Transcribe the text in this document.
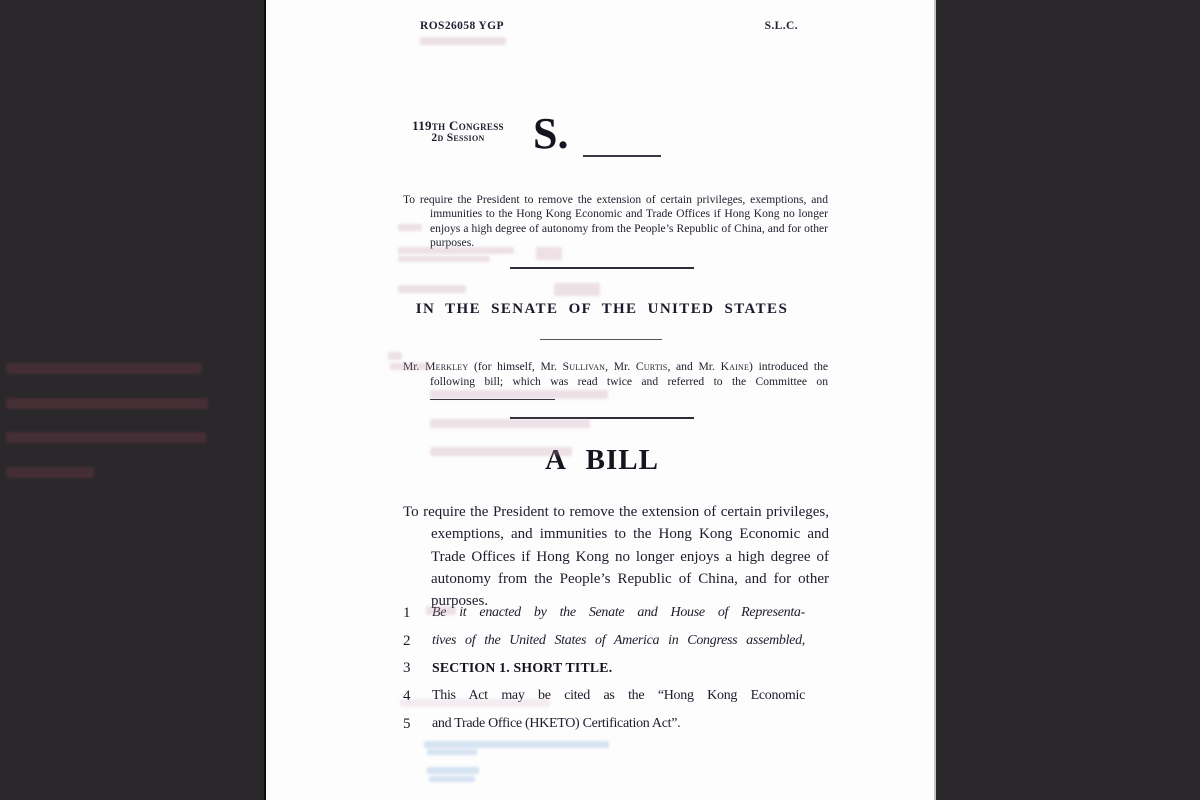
ROS26058 YGP	S.L.C.
119th Congress
2d Session	S.

To require the President to remove the extension of certain privileges, exemptions, and immunities to the Hong Kong Economic and Trade Offices if Hong Kong no longer enjoys a high degree of autonomy from the People’s Republic of China, and for other purposes.

IN THE SENATE OF THE UNITED STATES

Mr. Merkley (for himself, Mr. Sullivan, Mr. Curtis, and Mr. Kaine) introduced the following bill; which was read twice and referred to the Committee on

A BILL

To require the President to remove the extension of certain privileges, exemptions, and immunities to the Hong Kong Economic and Trade Offices if Hong Kong no longer enjoys a high degree of autonomy from the People’s Republic of China, and for other purposes.

1	Be it enacted by the Senate and House of Representa-
2	tives of the United States of America in Congress assembled,
3	SECTION 1. SHORT TITLE.
4	This Act may be cited as the “Hong Kong Economic
5	and Trade Office (HKETO) Certification Act”.
